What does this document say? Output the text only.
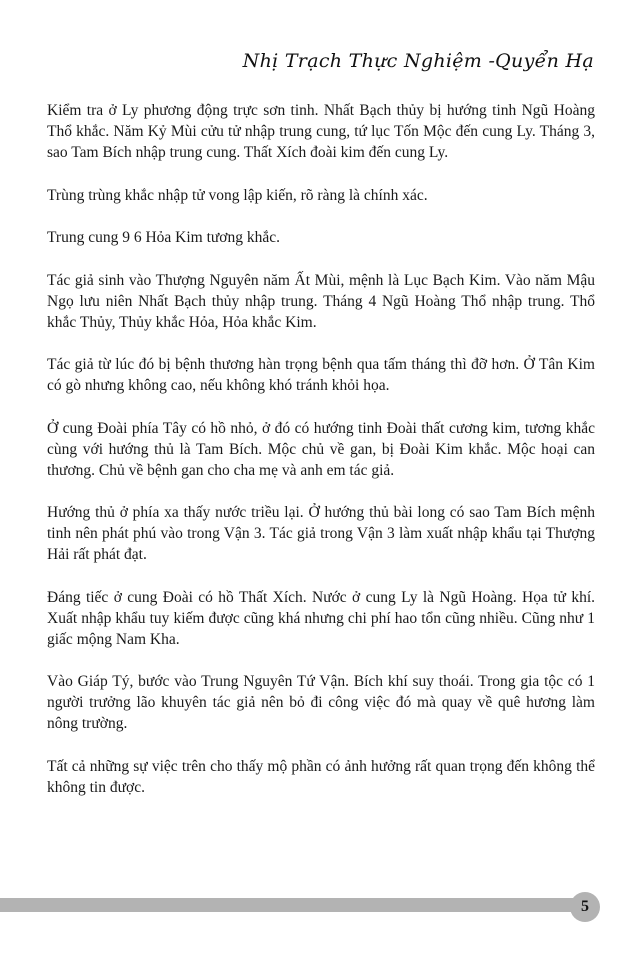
Nhị Trạch Thực Nghiệm -Quyển Hạ

Kiểm tra ở Ly phương động trực sơn tinh. Nhất Bạch thủy bị hướng tinh Ngũ Hoàng Thổ khắc. Năm Kỷ Mùi cửu tử nhập trung cung, tứ lục Tốn Mộc đến cung Ly. Tháng 3, sao Tam Bích nhập trung cung. Thất Xích đoài kim đến cung Ly.

Trùng trùng khắc nhập tử vong lập kiến, rõ ràng là chính xác.

Trung cung 9 6 Hỏa Kim tương khắc.

Tác giả sinh vào Thượng Nguyên năm Ất Mùi, mệnh là Lục Bạch Kim. Vào năm Mậu Ngọ lưu niên Nhất Bạch thủy nhập trung. Tháng 4 Ngũ Hoàng Thổ nhập trung. Thổ khắc Thủy, Thủy khắc Hỏa, Hỏa khắc Kim.

Tác giả từ lúc đó bị bệnh thương hàn trọng bệnh qua tấm tháng thì đỡ hơn. Ở Tân Kim có gò nhưng không cao, nếu không khó tránh khỏi họa.

Ở cung Đoài phía Tây có hồ nhỏ, ở đó có hướng tinh Đoài thất cương kim, tương khắc cùng với hướng thủ là Tam Bích. Mộc chủ về gan, bị Đoài Kim khắc. Mộc hoại can thương. Chủ về bệnh gan cho cha mẹ và anh em tác giả.

Hướng thủ ở phía xa thấy nước triều lại. Ở hướng thủ bài long có sao Tam Bích mệnh tinh nên phát phú vào trong Vận 3. Tác giả trong Vận 3 làm xuất nhập khẩu tại Thượng Hải rất phát đạt.

Đáng tiếc ở cung Đoài có hồ Thất Xích. Nước ở cung Ly là Ngũ Hoàng. Họa tử khí. Xuất nhập khẩu tuy kiếm được cũng khá nhưng chi phí hao tổn cũng nhiều. Cũng như 1 giấc mộng Nam Kha.

Vào Giáp Tý, bước vào Trung Nguyên Tứ Vận. Bích khí suy thoái. Trong gia tộc có 1 người trưởng lão khuyên tác giả nên bỏ đi công việc đó mà quay về quê hương làm nông trường.

Tất cả những sự việc trên cho thấy mộ phần có ảnh hưởng rất quan trọng đến không thể không tin được.

5
